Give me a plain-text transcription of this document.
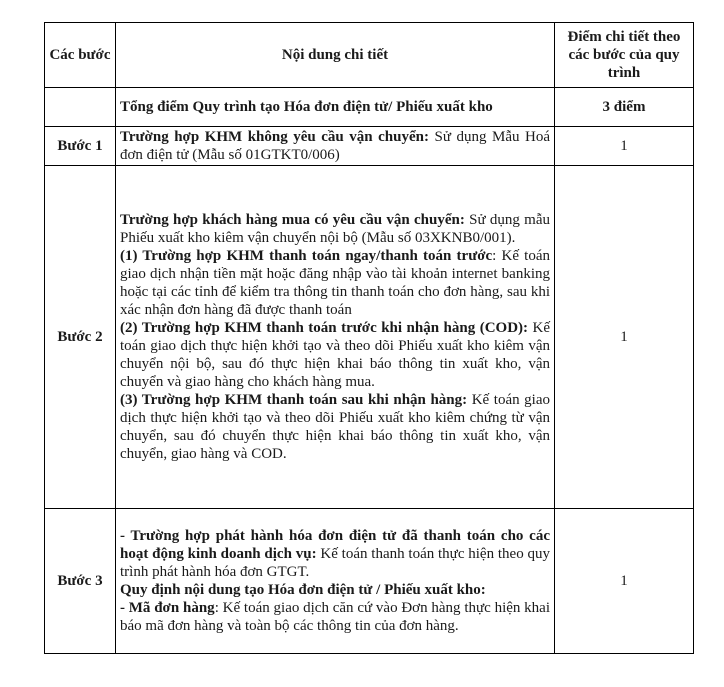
Các bước	Nội dung chi tiết	Điểm chi tiết theo các bước của quy trình
	Tổng điểm Quy trình tạo Hóa đơn điện tử/ Phiếu xuất kho	3 điểm
Bước 1	Trường hợp KHM không yêu cầu vận chuyển: Sử dụng Mẫu Hoá đơn điện tử (Mẫu số 01GTKT0/006)	1
Bước 2	Trường hợp khách hàng mua có yêu cầu vận chuyển: Sử dụng mẫu Phiếu xuất kho kiêm vận chuyển nội bộ (Mẫu số 03XKNB0/001).

(1) Trường hợp KHM thanh toán ngay/thanh toán trước: Kế toán giao dịch nhận tiền mặt hoặc đăng nhập vào tài khoản internet banking hoặc tại các tỉnh để kiểm tra thông tin thanh toán cho đơn hàng, sau khi xác nhận đơn hàng đã được thanh toán

(2) Trường hợp KHM thanh toán trước khi nhận hàng (COD): Kế toán giao dịch thực hiện khởi tạo và theo dõi Phiếu xuất kho kiêm vận chuyển nội bộ, sau đó thực hiện khai báo thông tin xuất kho, vận chuyển và giao hàng cho khách hàng mua.

(3) Trường hợp KHM thanh toán sau khi nhận hàng: Kế toán giao dịch thực hiện khởi tạo và theo dõi Phiếu xuất kho kiêm chứng từ vận chuyển, sau đó chuyển thực hiện khai báo thông tin xuất kho, vận chuyển, giao hàng và COD.	1
Bước 3	- Trường hợp phát hành hóa đơn điện tử đã thanh toán cho các hoạt động kinh doanh dịch vụ: Kế toán thanh toán thực hiện theo quy trình phát hành hóa đơn GTGT.

Quy định nội dung tạo Hóa đơn điện tử / Phiếu xuất kho:

- Mã đơn hàng: Kế toán giao dịch căn cứ vào Đơn hàng thực hiện khai báo mã đơn hàng và toàn bộ các thông tin của đơn hàng.	1
